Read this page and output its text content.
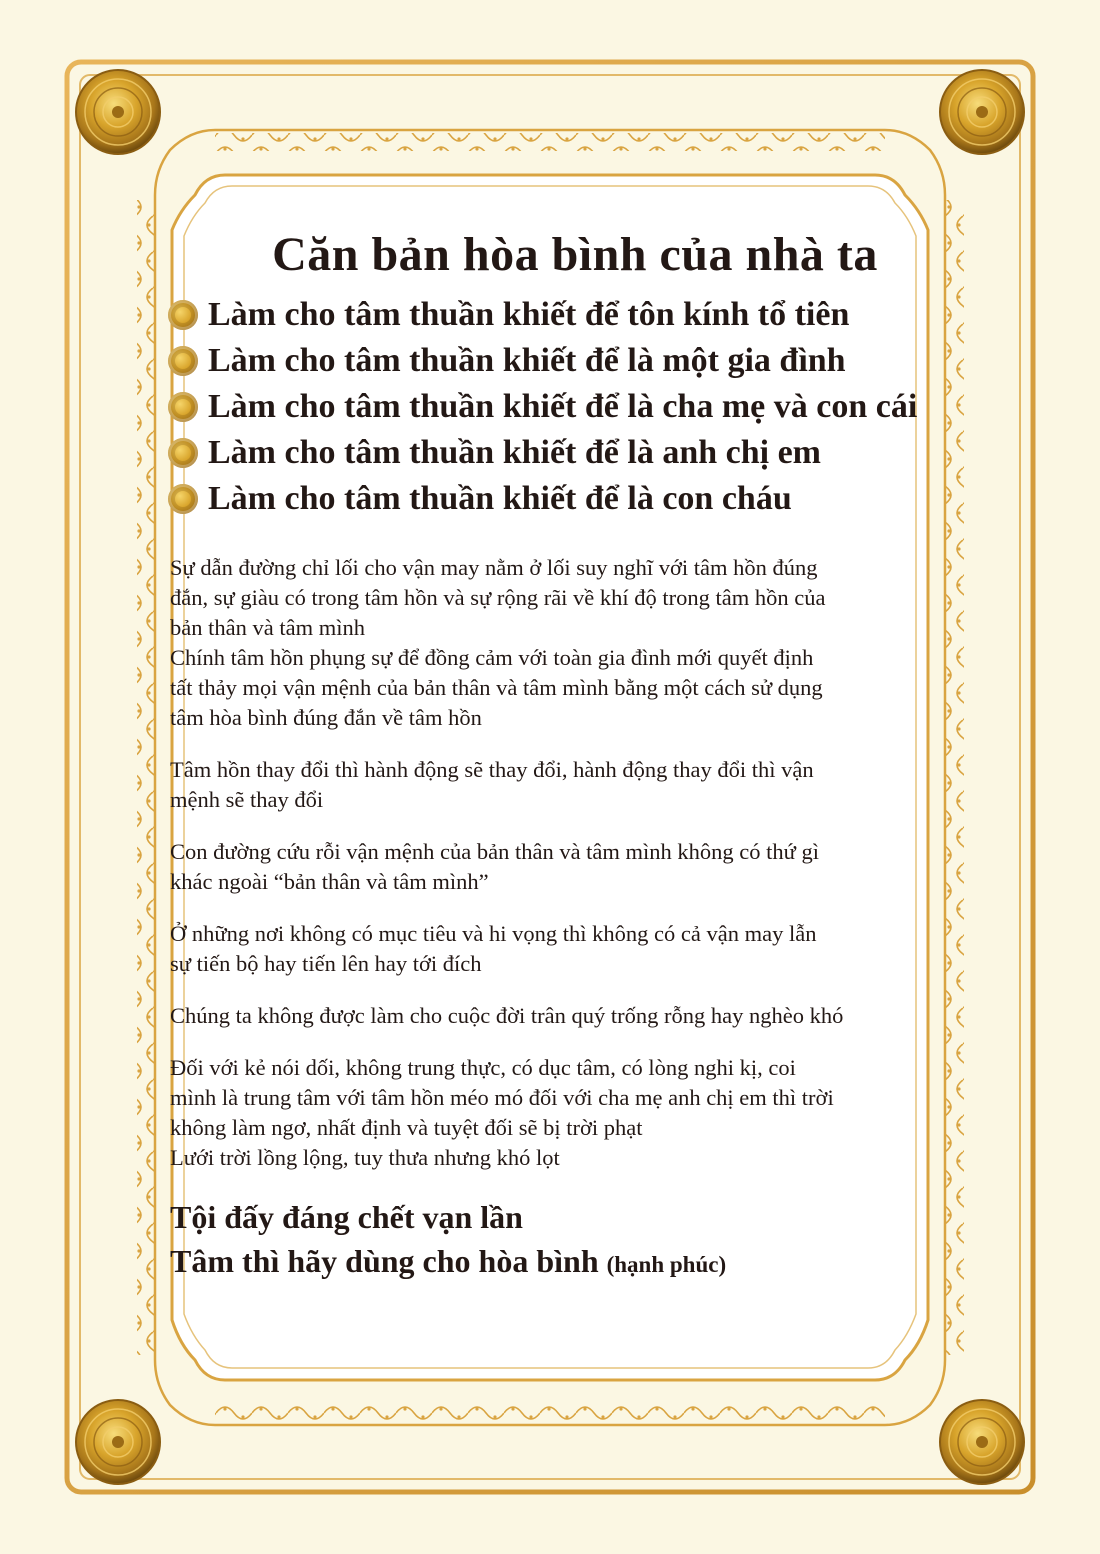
Căn bản hòa bình của nhà ta
Làm cho tâm thuần khiết để tôn kính tổ tiên
Làm cho tâm thuần khiết để là một gia đình
Làm cho tâm thuần khiết để là cha mẹ và con cái
Làm cho tâm thuần khiết để là anh chị em
Làm cho tâm thuần khiết để là con cháu

Sự dẫn đường chỉ lối cho vận may nằm ở lối suy nghĩ với tâm hồn đúng
đắn, sự giàu có trong tâm hồn và sự rộng rãi về khí độ trong tâm hồn của
bản thân và tâm mình
Chính tâm hồn phụng sự để đồng cảm với toàn gia đình mới quyết định
tất thảy mọi vận mệnh của bản thân và tâm mình bằng một cách sử dụng
tâm hòa bình đúng đắn về tâm hồn

Tâm hồn thay đổi thì hành động sẽ thay đổi, hành động thay đổi thì vận
mệnh sẽ thay đổi

Con đường cứu rỗi vận mệnh của bản thân và tâm mình không có thứ gì
khác ngoài “bản thân và tâm mình”

Ở những nơi không có mục tiêu và hi vọng thì không có cả vận may lẫn
sự tiến bộ hay tiến lên hay tới đích

Chúng ta không được làm cho cuộc đời trân quý trống rỗng hay nghèo khó

Đối với kẻ nói dối, không trung thực, có dục tâm, có lòng nghi kị, coi
mình là trung tâm với tâm hồn méo mó đối với cha mẹ anh chị em thì trời
không làm ngơ, nhất định và tuyệt đối sẽ bị trời phạt
Lưới trời lồng lộng, tuy thưa nhưng khó lọt

Tội đấy đáng chết vạn lần
Tâm thì hãy dùng cho hòa bình (hạnh phúc)
